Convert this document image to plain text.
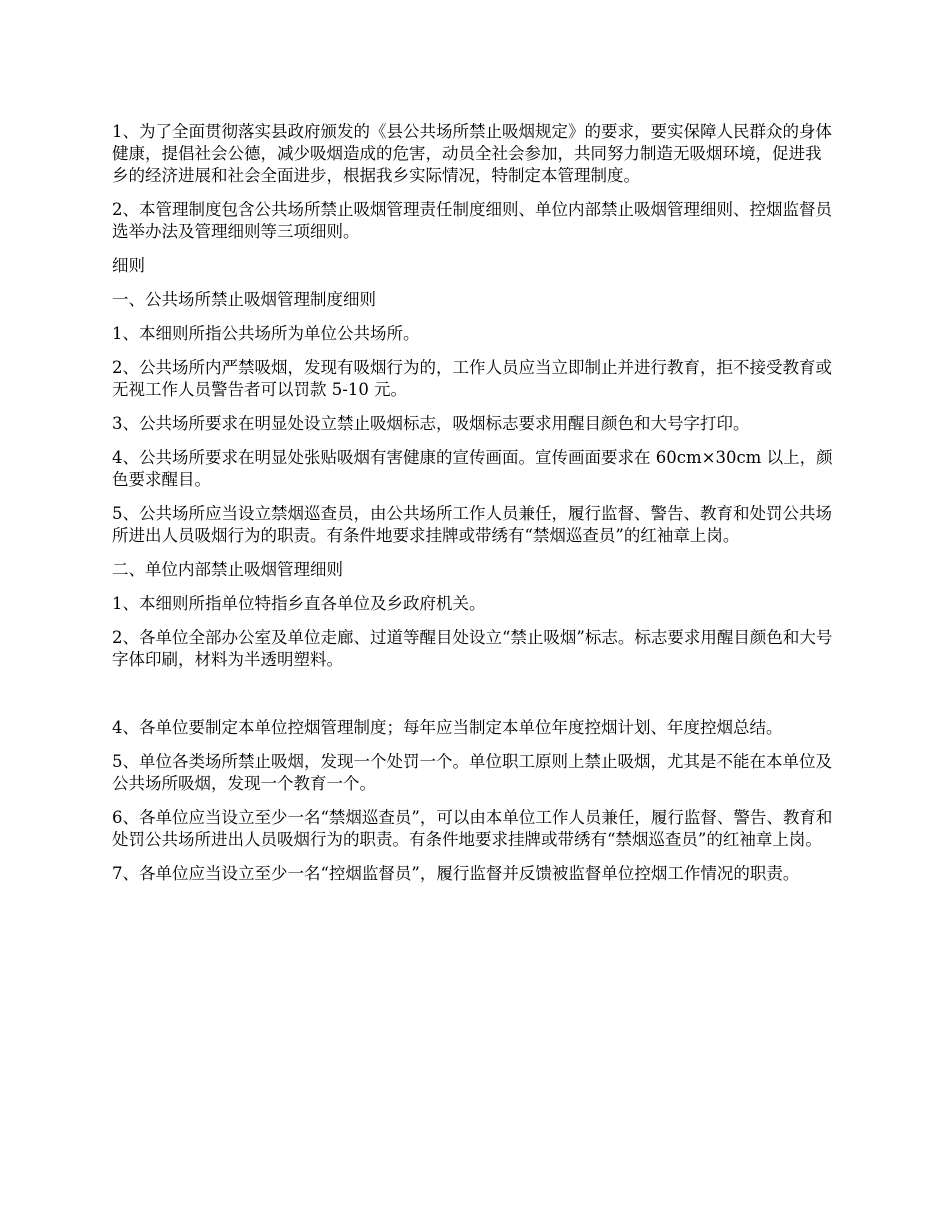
1、为了全面贯彻落实县政府颁发的《县公共场所禁止吸烟规定》的要求，要实保障人民群众的身体健康，提倡社会公德，减少吸烟造成的危害，动员全社会参加，共同努力制造无吸烟环境，促进我乡的经济进展和社会全面进步，根据我乡实际情况，特制定本管理制度。

2、本管理制度包含公共场所禁止吸烟管理责任制度细则、单位内部禁止吸烟管理细则、控烟监督员选举办法及管理细则等三项细则。

细则

一、公共场所禁止吸烟管理制度细则

1、本细则所指公共场所为单位公共场所。

2、公共场所内严禁吸烟，发现有吸烟行为的，工作人员应当立即制止并进行教育，拒不接受教育或无视工作人员警告者可以罚款 5-10 元。

3、公共场所要求在明显处设立禁止吸烟标志，吸烟标志要求用醒目颜色和大号字打印。

4、公共场所要求在明显处张贴吸烟有害健康的宣传画面。宣传画面要求在 60cm×30cm 以上，颜色要求醒目。

5、公共场所应当设立禁烟巡查员，由公共场所工作人员兼任，履行监督、警告、教育和处罚公共场所进出人员吸烟行为的职责。有条件地要求挂牌或带绣有“禁烟巡查员”的红袖章上岗。

二、单位内部禁止吸烟管理细则

1、本细则所指单位特指乡直各单位及乡政府机关。

2、各单位全部办公室及单位走廊、过道等醒目处设立“禁止吸烟”标志。标志要求用醒目颜色和大号字体印刷，材料为半透明塑料。

4、各单位要制定本单位控烟管理制度；每年应当制定本单位年度控烟计划、年度控烟总结。

5、单位各类场所禁止吸烟，发现一个处罚一个。单位职工原则上禁止吸烟，尤其是不能在本单位及公共场所吸烟，发现一个教育一个。

6、各单位应当设立至少一名“禁烟巡查员”，可以由本单位工作人员兼任，履行监督、警告、教育和处罚公共场所进出人员吸烟行为的职责。有条件地要求挂牌或带绣有“禁烟巡查员”的红袖章上岗。

7、各单位应当设立至少一名“控烟监督员”，履行监督并反馈被监督单位控烟工作情况的职责。
